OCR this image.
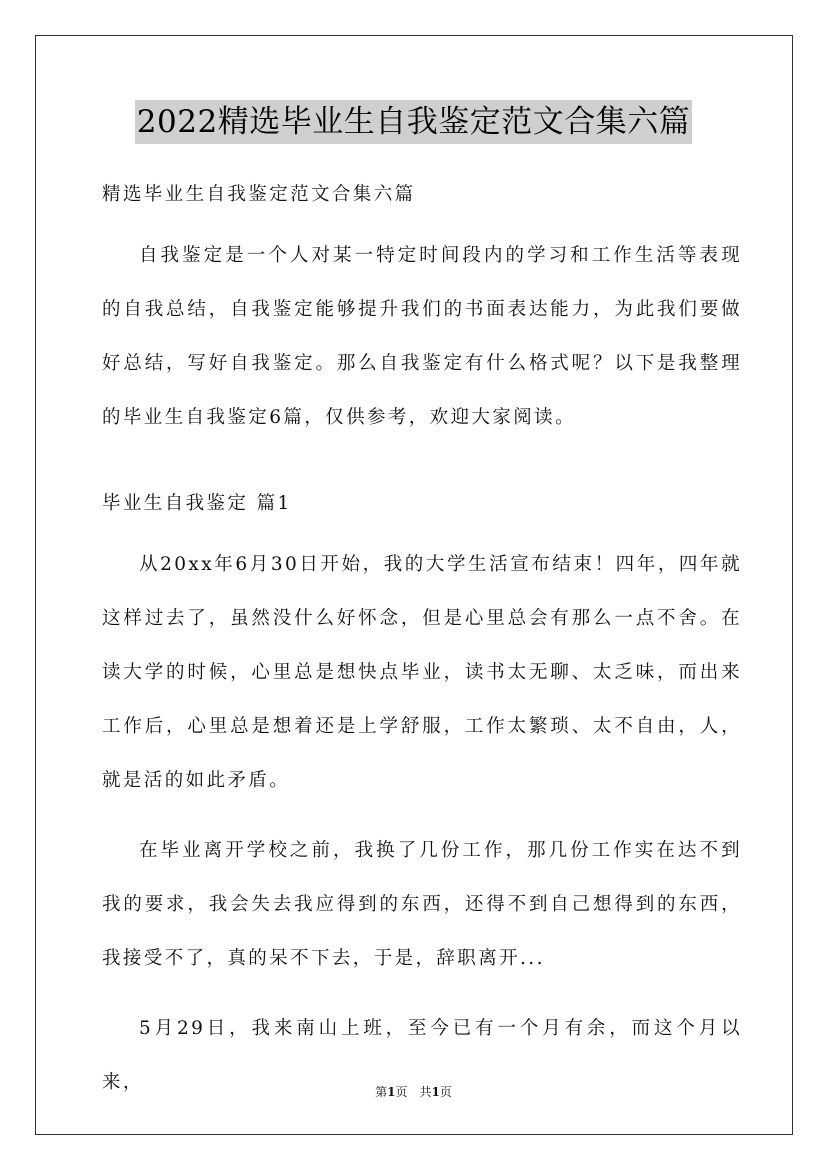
2022精选毕业生自我鉴定范文合集六篇
精选毕业生自我鉴定范文合集六篇
自我鉴定是一个人对某一特定时间段内的学习和工作生活等表现的自我总结，自我鉴定能够提升我们的书面表达能力，为此我们要做好总结，写好自我鉴定。那么自我鉴定有什么格式呢？以下是我整理的毕业生自我鉴定6篇，仅供参考，欢迎大家阅读。
毕业生自我鉴定 篇1
从20xx年6月30日开始，我的大学生活宣布结束！四年，四年就这样过去了，虽然没什么好怀念，但是心里总会有那么一点不舍。在读大学的时候，心里总是想快点毕业，读书太无聊、太乏味，而出来工作后，心里总是想着还是上学舒服，工作太繁琐、太不自由，人，就是活的如此矛盾。
在毕业离开学校之前，我换了几份工作，那几份工作实在达不到我的要求，我会失去我应得到的东西，还得不到自己想得到的东西，我接受不了，真的呆不下去，于是，辞职离开...
5月29日，我来南山上班，至今已有一个月有余，而这个月以来，	第1页　共1页
